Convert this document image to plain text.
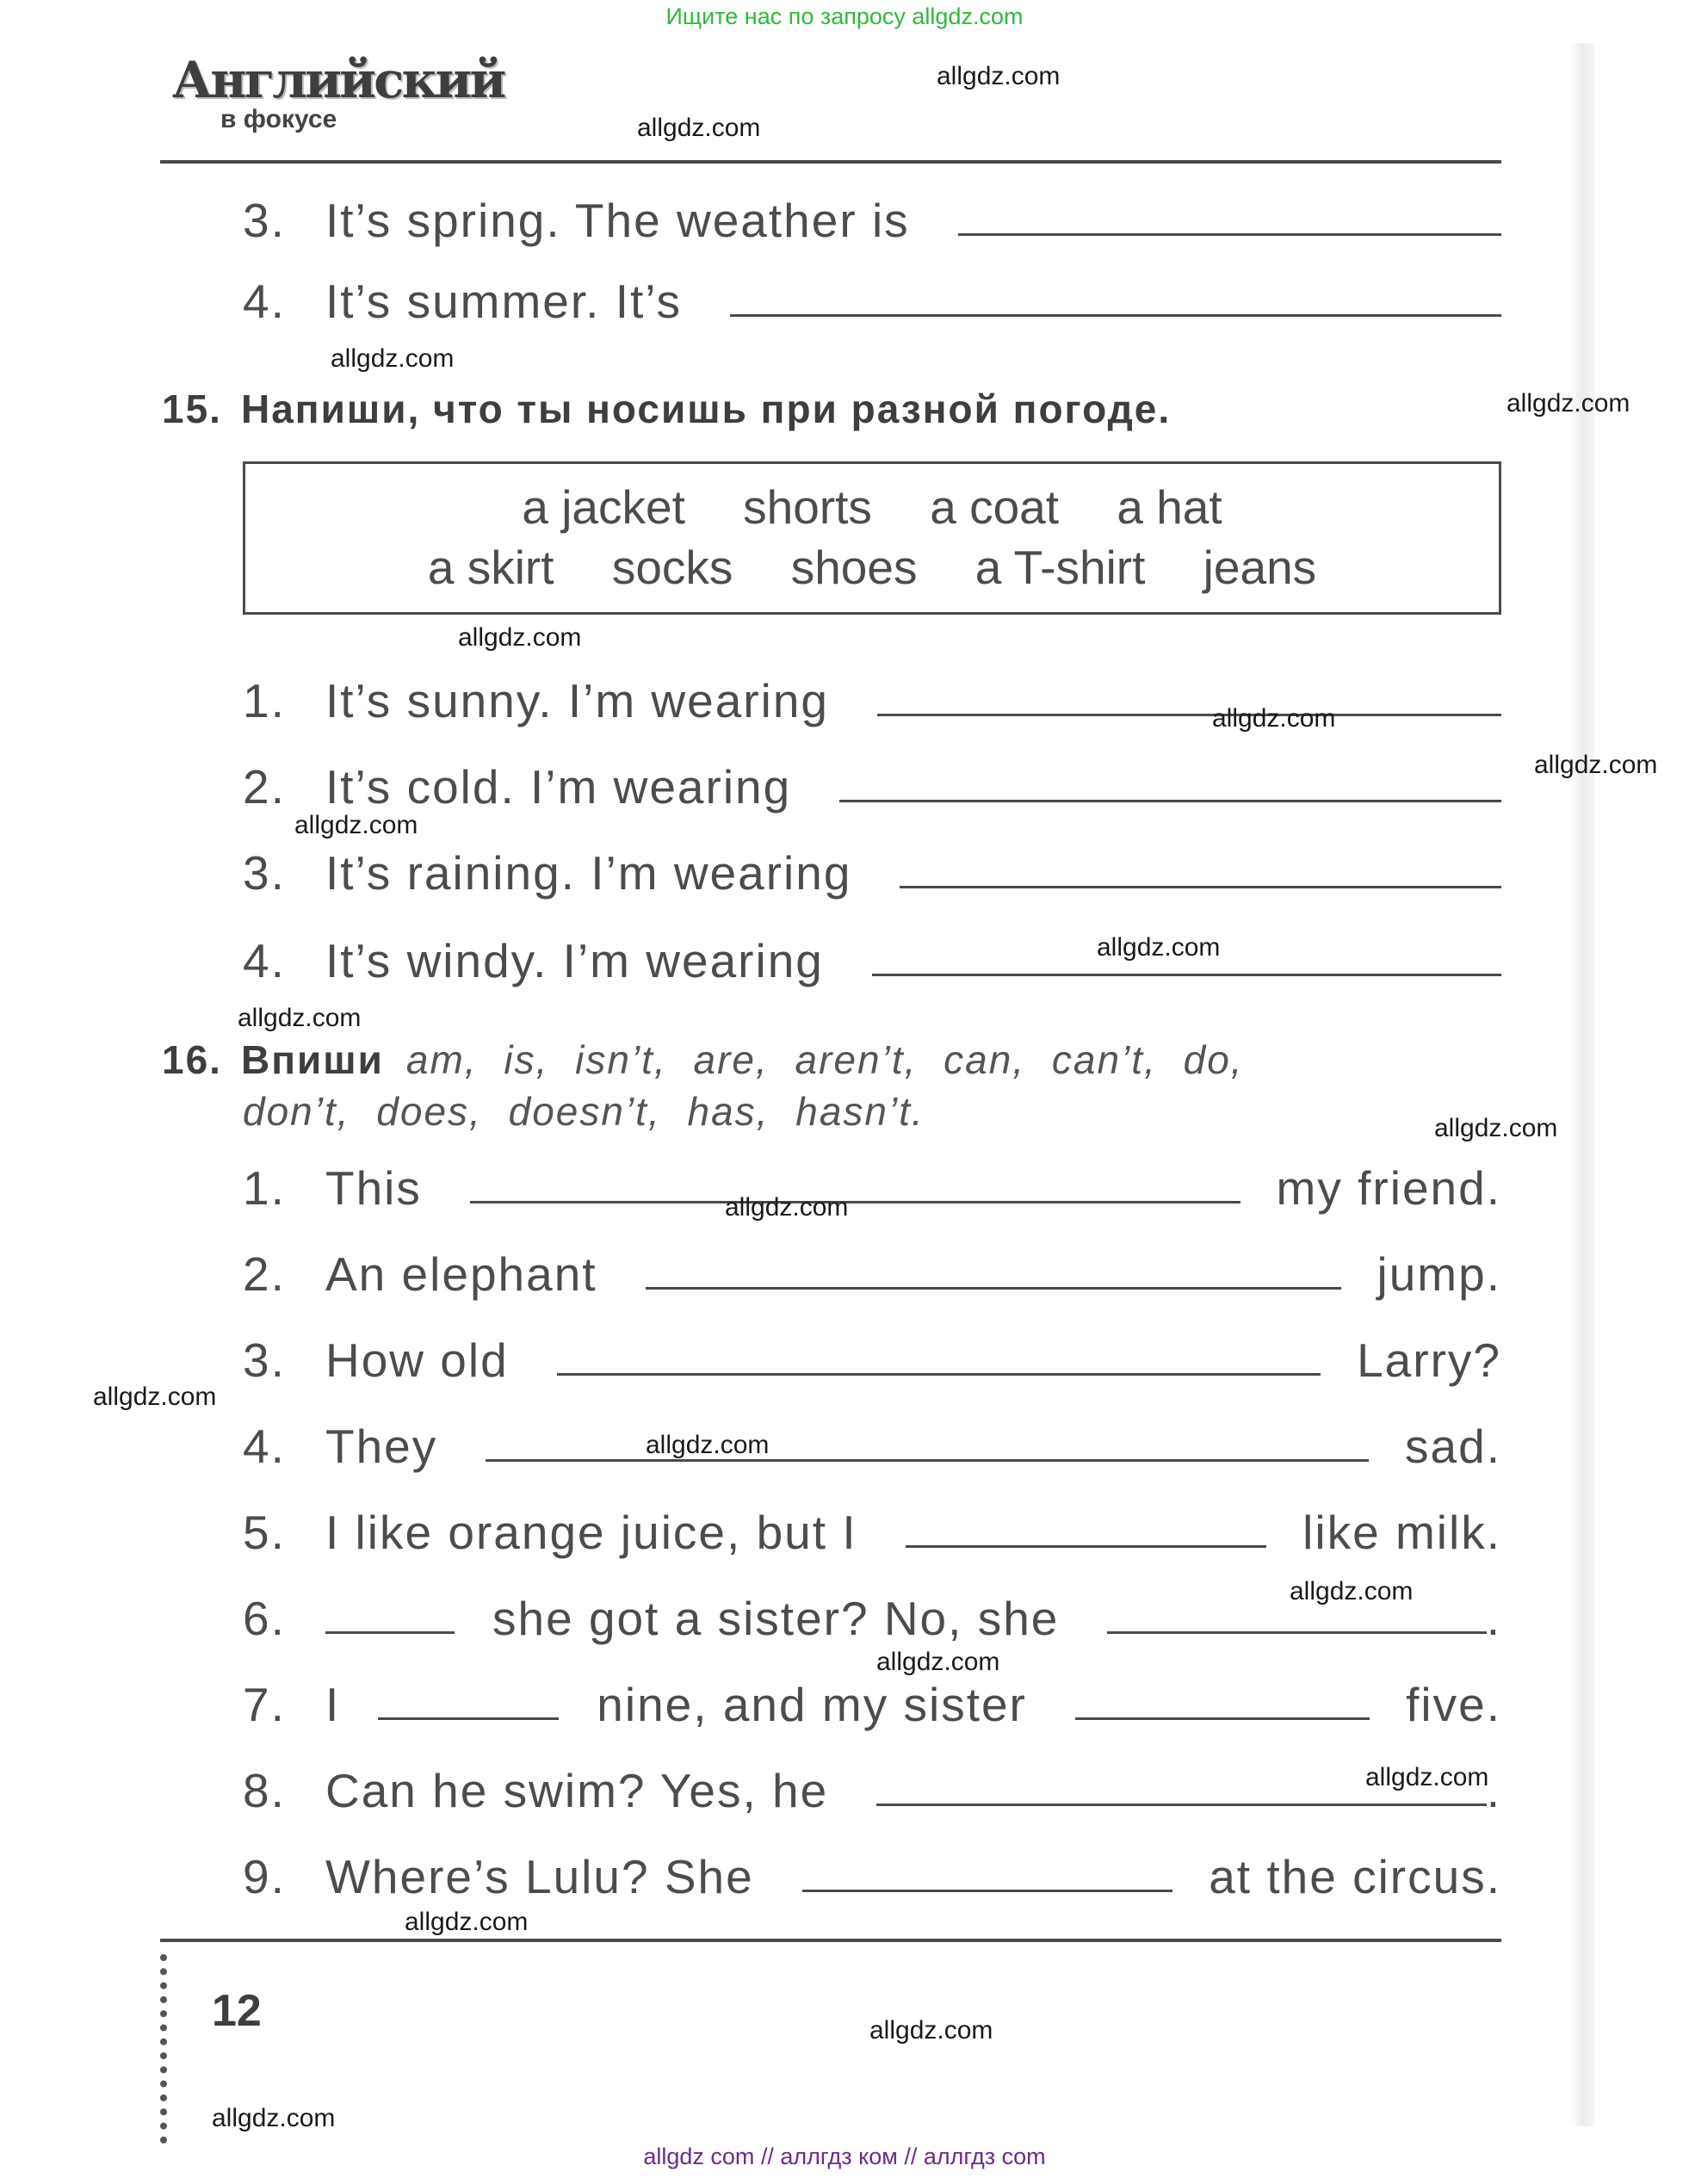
Ищите нас по запросу allgdz.com
allgdz com // аллгдз ком // аллгдз com
Английский
в фокусе
3. It’s spring. The weather is
4. It’s summer. It’s
15. Напиши, что ты носишь при разной погоде.
a jacket shorts a coat a hat
a skirt socks shoes a T-shirt jeans
1. It’s sunny. I’m wearing
2. It’s cold. I’m wearing
3. It’s raining. I’m wearing
4. It’s windy. I’m wearing
16. Впиши am, is, isn’t, are, aren’t, can, can’t, do,
don’t, does, doesn’t, has, hasn’t.
1. This	my friend.
2. An elephant	jump.
3. How old	Larry?
4. They	sad.
5. I like orange juice, but I	like milk.
6.	she got a sister? No, she	.
7. I	nine, and my sister	five.
8. Can he swim? Yes, he	.
9. Where’s Lulu? She	at the circus.
12
allgdz.com
allgdz.com
allgdz.com
allgdz.com
allgdz.com
allgdz.com
allgdz.com
allgdz.com
allgdz.com
allgdz.com
allgdz.com
allgdz.com
allgdz.com
allgdz.com
allgdz.com
allgdz.com
allgdz.com
allgdz.com
allgdz.com
allgdz.com
